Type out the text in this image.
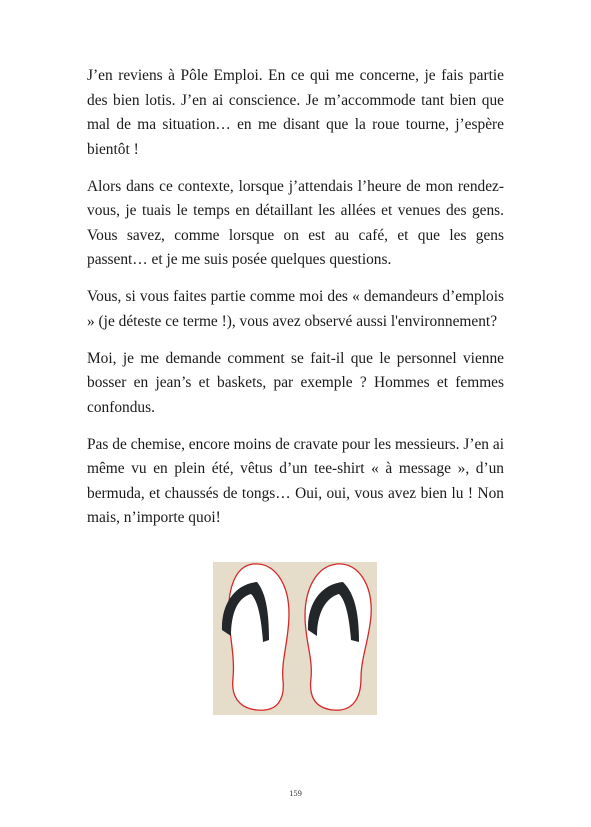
J’en reviens à Pôle Emploi. En ce qui me concerne, je fais partie des bien lotis. J’en ai conscience. Je m’accommode tant bien que mal de ma situation… en me disant que la roue tourne, j’espère bientôt !

Alors dans ce contexte, lorsque j’attendais l’heure de mon rendez-vous, je tuais le temps en détaillant les allées et venues des gens. Vous savez, comme lorsque on est au café, et que les gens passent… et je me suis posée quelques questions.

Vous, si vous faites partie comme moi des « demandeurs d’emplois » (je déteste ce terme !), vous avez observé aussi l'environnement?

Moi, je me demande comment se fait-il que le personnel vienne bosser en jean’s et baskets, par exemple ? Hommes et femmes confondus.

Pas de chemise, encore moins de cravate pour les messieurs. J’en ai même vu en plein été, vêtus d’un tee-shirt « à message », d’un bermuda, et chaussés de tongs… Oui, oui, vous avez bien lu ! Non mais, n’importe quoi!

159
